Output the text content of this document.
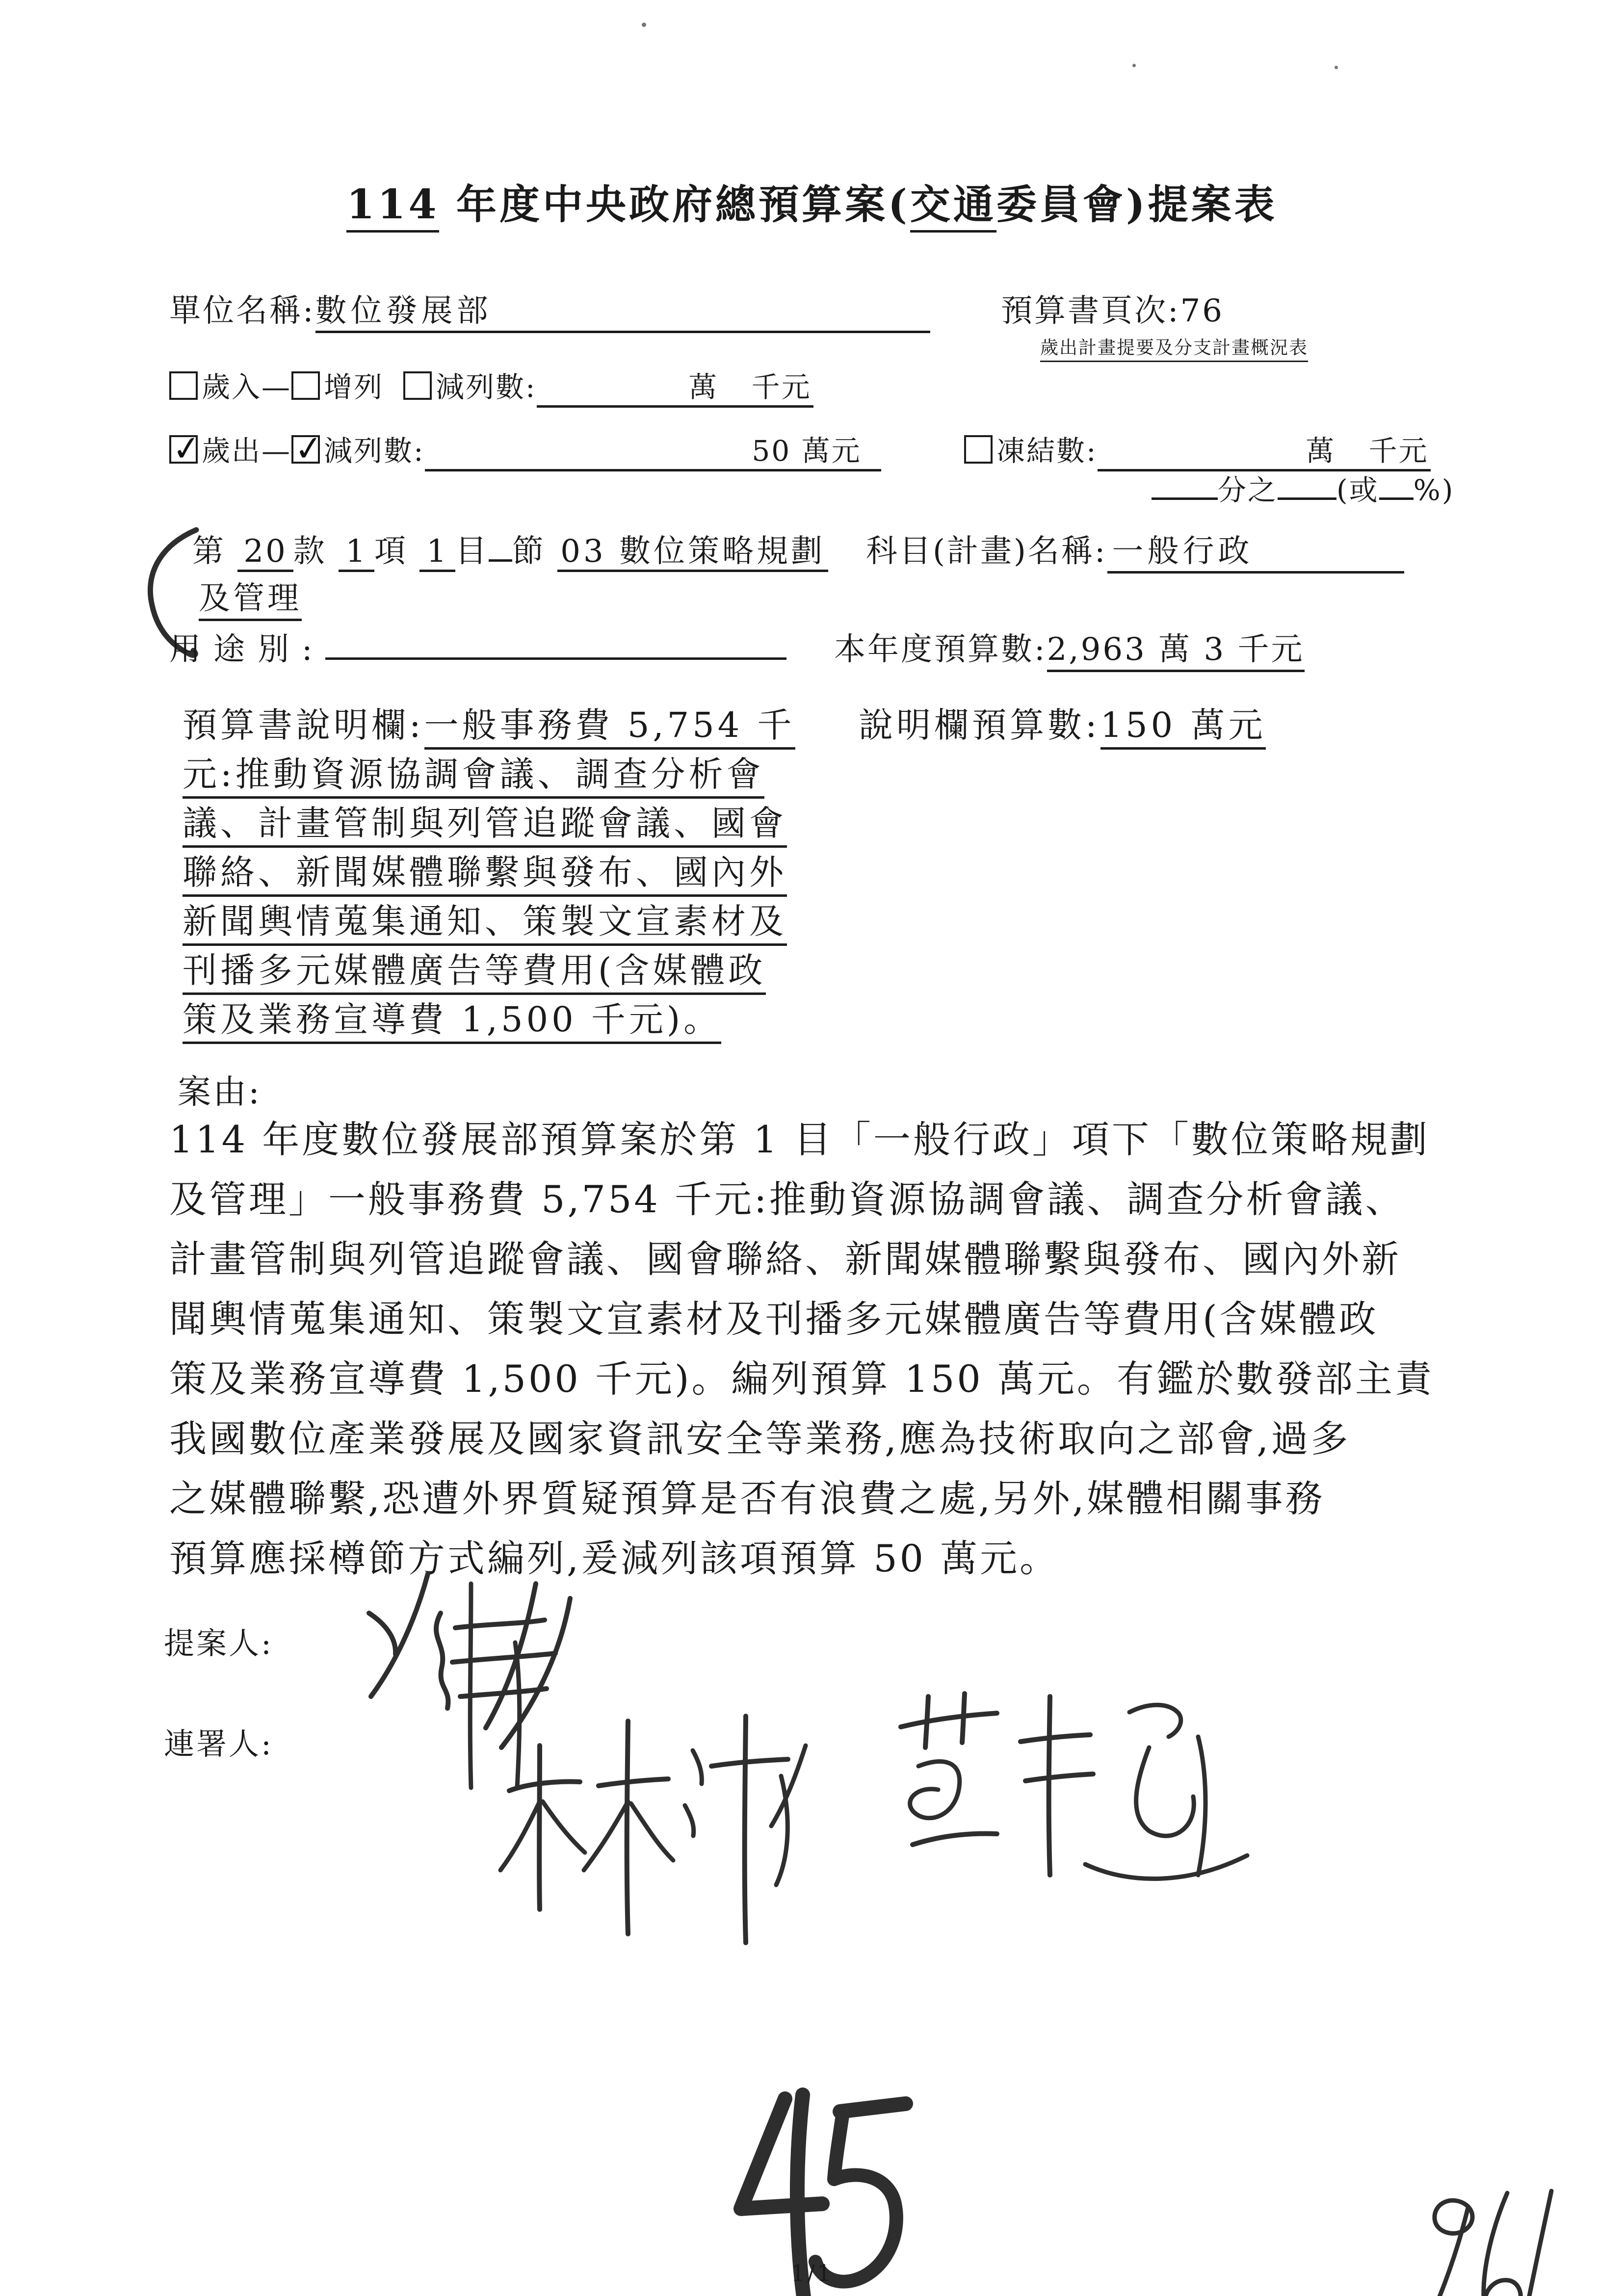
114 年度中央政府總預算案(交通委員會)提案表
單位名稱:數位發展部	預算書頁次:76
歲出計畫提要及分支計畫概況表
歲入— 增列 減列數:	萬 千元
✓歲出— ✓ 減列數:	50 萬元	凍結數:	萬 千元
分之 (或 %)
第 20 款 1 項 1 目 節 03 數位策略規劃
及管理
科目(計畫)名稱: 一般行政
用途別:	本年度預算數:2,963 萬 3 千元
預算書說明欄:一般事務費 5,754 千
元:推動資源協調會議、調查分析會
議、計畫管制與列管追蹤會議、國會
聯絡、新聞媒體聯繫與發布、國內外
新聞輿情蒐集通知、策製文宣素材及
刊播多元媒體廣告等費用(含媒體政
策及業務宣導費 1,500 千元)。
說明欄預算數:150 萬元
案由:
114 年度數位發展部預算案於第 1 目「一般行政」項下「數位策略規劃
及管理」一般事務費 5,754 千元:推動資源協調會議、調查分析會議、
計畫管制與列管追蹤會議、國會聯絡、新聞媒體聯繫與發布、國內外新
聞輿情蒐集通知、策製文宣素材及刊播多元媒體廣告等費用(含媒體政
策及業務宣導費 1,500 千元)。編列預算 150 萬元。有鑑於數發部主責
我國數位產業發展及國家資訊安全等業務,應為技術取向之部會,過多
之媒體聯繫,恐遭外界質疑預算是否有浪費之處,另外,媒體相關事務
預算應採樽節方式編列,爰減列該項預算 50 萬元。
提案人:
連署人:
1/1
